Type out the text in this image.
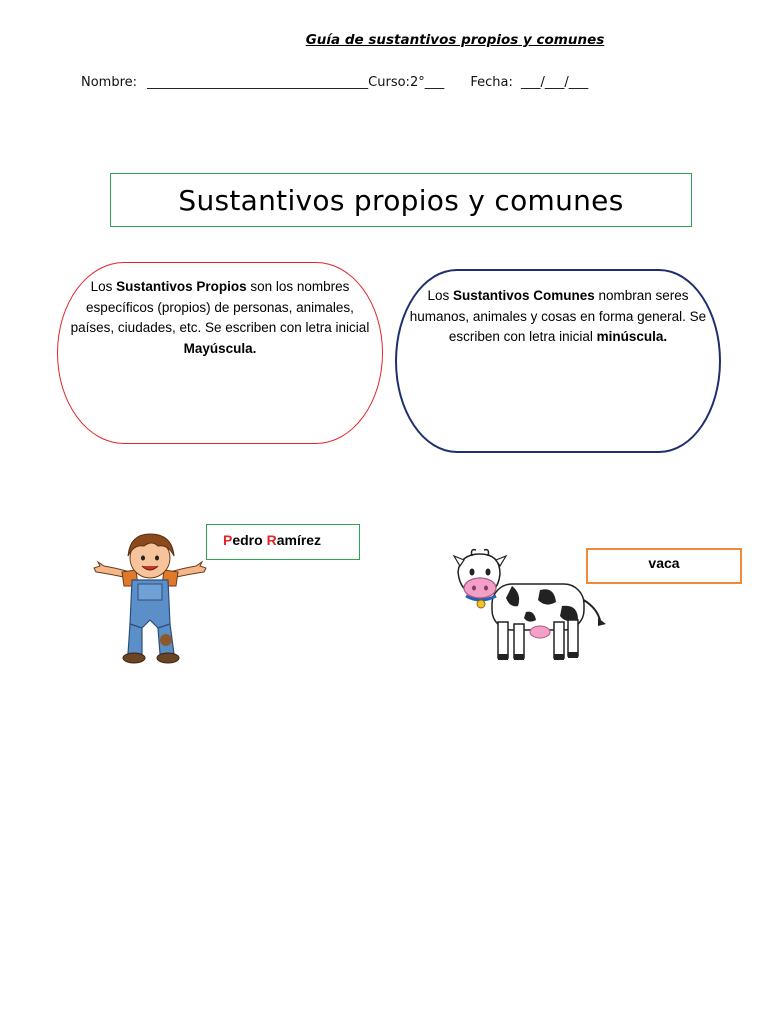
Guía de sustantivos propios y comunes
Nombre: __________________________________Curso:2°___ Fecha: ___/___/___
Sustantivos propios y comunes

Los Sustantivos Propios son los nombres específicos (propios) de personas, animales, países, ciudades, etc. Se escriben con letra inicial Mayúscula.

Los Sustantivos Comunes nombran seres humanos, animales y cosas en forma general. Se escriben con letra inicial minúscula.

Pedro Ramírez
vaca
